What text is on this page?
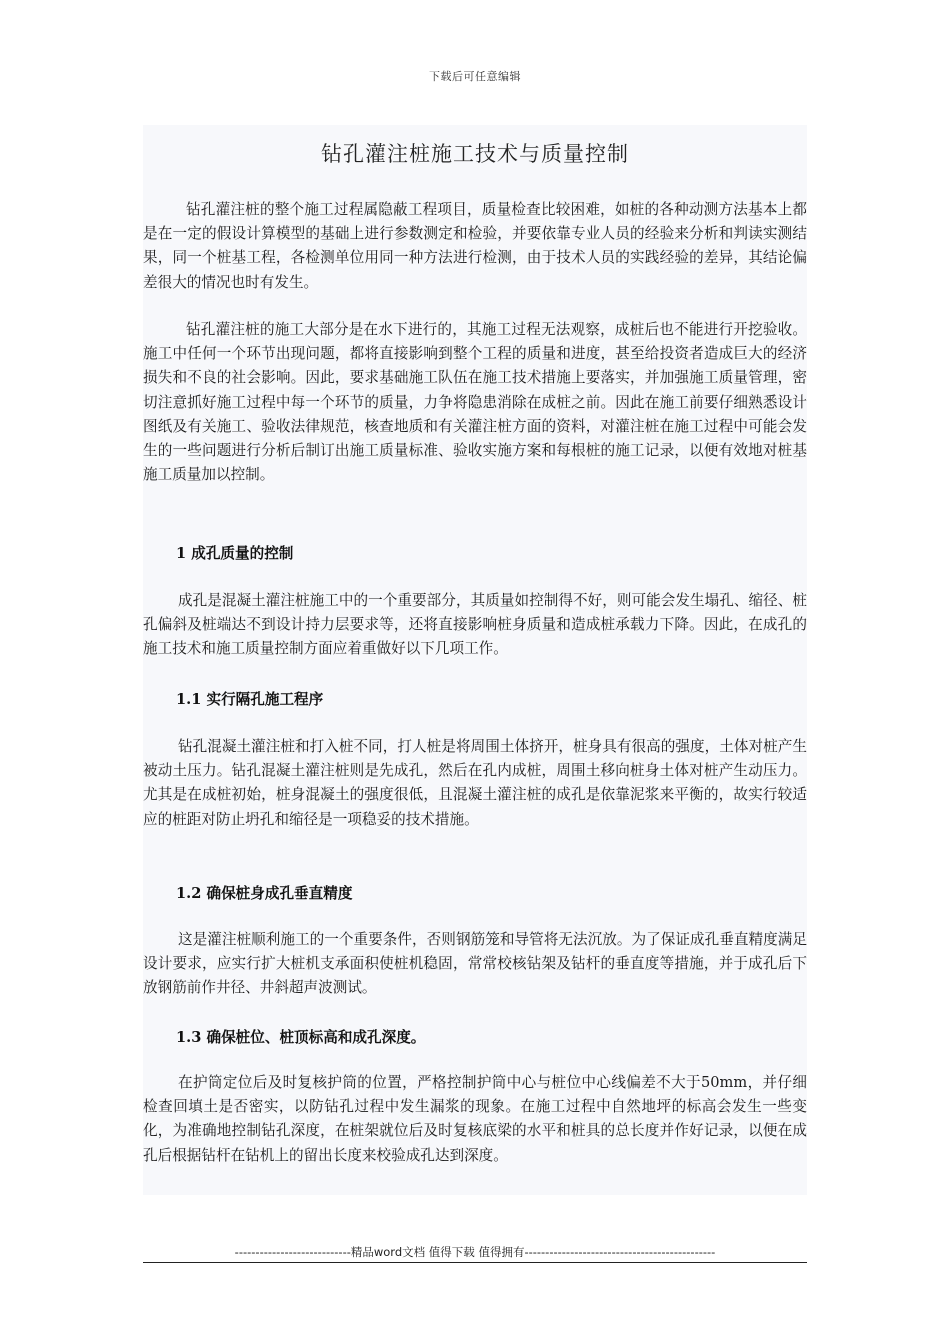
下载后可任意编辑
钻孔灌注桩施工技术与质量控制

钻孔灌注桩的整个施工过程属隐蔽工程项目，质量检查比较困难，如桩的各种动测方法基本上都是在一定的假设计算模型的基础上进行参数测定和检验，并要依靠专业人员的经验来分析和判读实测结果，同一个桩基工程，各检测单位用同一种方法进行检测，由于技术人员的实践经验的差异，其结论偏差很大的情况也时有发生。

钻孔灌注桩的施工大部分是在水下进行的，其施工过程无法观察，成桩后也不能进行开挖验收。施工中任何一个环节出现问题，都将直接影响到整个工程的质量和进度，甚至给投资者造成巨大的经济损失和不良的社会影响。因此，要求基础施工队伍在施工技术措施上要落实，并加强施工质量管理，密切注意抓好施工过程中每一个环节的质量，力争将隐患消除在成桩之前。因此在施工前要仔细熟悉设计图纸及有关施工、验收法律规范，核查地质和有关灌注桩方面的资料，对灌注桩在施工过程中可能会发生的一些问题进行分析后制订出施工质量标准、验收实施方案和每根桩的施工记录，以便有效地对桩基施工质量加以控制。

1 成孔质量的控制

成孔是混凝土灌注桩施工中的一个重要部分，其质量如控制得不好，则可能会发生塌孔、缩径、桩孔偏斜及桩端达不到设计持力层要求等，还将直接影响桩身质量和造成桩承载力下降。因此，在成孔的施工技术和施工质量控制方面应着重做好以下几项工作。

1.1 实行隔孔施工程序

钻孔混凝土灌注桩和打入桩不同，打人桩是将周围土体挤开，桩身具有很高的强度，土体对桩产生被动土压力。钻孔混凝土灌注桩则是先成孔，然后在孔内成桩，周围土移向桩身土体对桩产生动压力。尤其是在成桩初始，桩身混凝土的强度很低，且混凝土灌注桩的成孔是依靠泥浆来平衡的，故实行较适应的桩距对防止坍孔和缩径是一项稳妥的技术措施。

1.2 确保桩身成孔垂直精度

这是灌注桩顺利施工的一个重要条件，否则钢筋笼和导管将无法沉放。为了保证成孔垂直精度满足设计要求，应实行扩大桩机支承面积使桩机稳固，常常校核钻架及钻杆的垂直度等措施，并于成孔后下放钢筋前作井径、井斜超声波测试。

1.3 确保桩位、桩顶标高和成孔深度。

在护筒定位后及时复核护筒的位置，严格控制护筒中心与桩位中心线偏差不大于50mm，并仔细检查回填土是否密实，以防钻孔过程中发生漏浆的现象。在施工过程中自然地坪的标高会发生一些变化，为准确地控制钻孔深度，在桩架就位后及时复核底梁的水平和桩具的总长度并作好记录，以便在成孔后根据钻杆在钻机上的留出长度来校验成孔达到深度。

----------------------------精品word文档 值得下载 值得拥有----------------------------------------------
